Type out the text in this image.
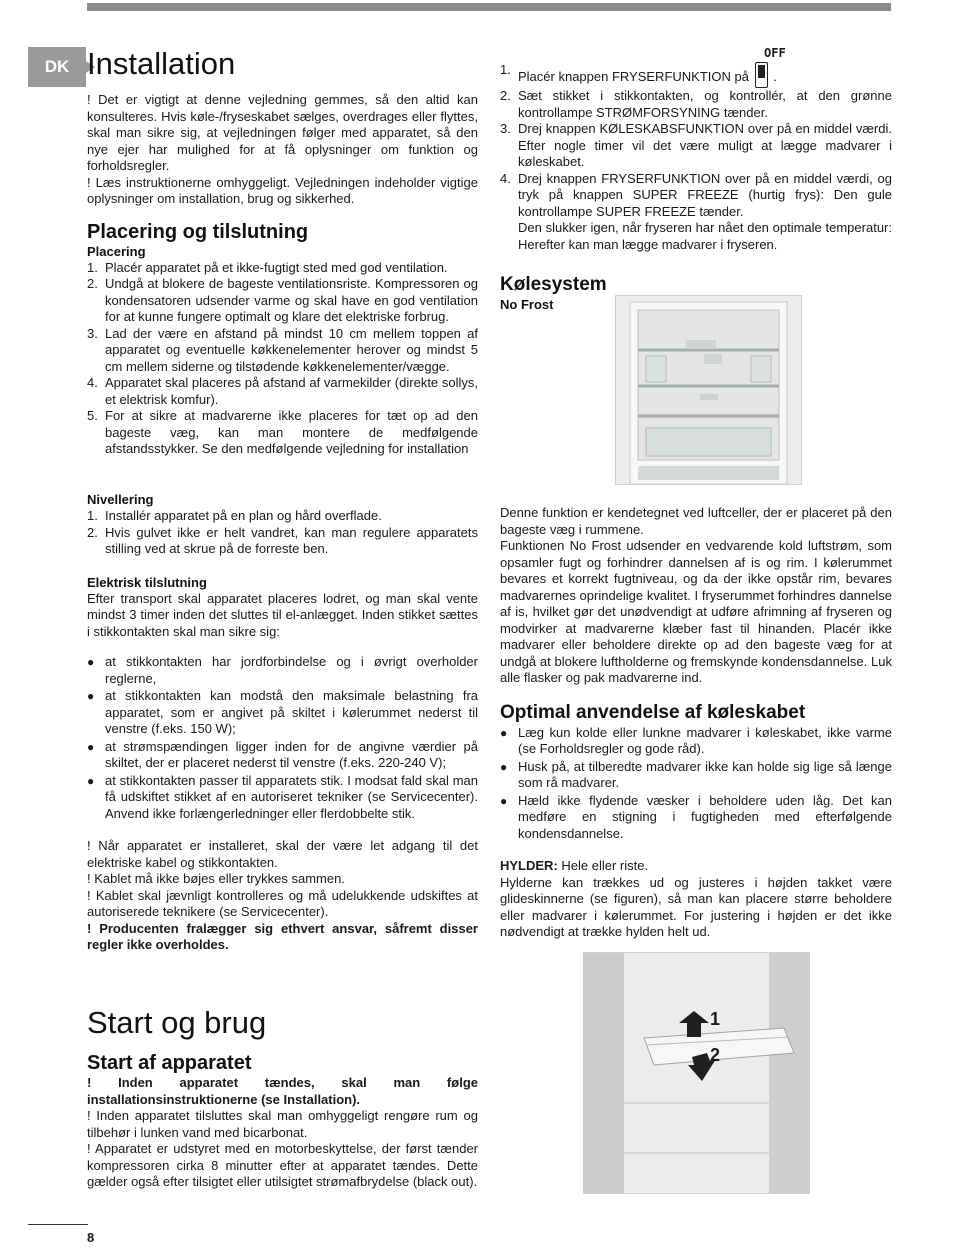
DK Installation

! Det er vigtigt at denne vejledning gemmes, så den altid kan konsulteres. Hvis køle-/fryseskabet sælges, overdrages eller flyttes, skal man sikre sig, at vejledningen følger med apparatet, så den nye ejer har mulighed for at få oplysninger om funktion og forholdsregler.

! Læs instruktionerne omhyggeligt. Vejledningen indeholder vigtige oplysninger om installation, brug og sikkerhed.

Placering og tilslutning
Placering
1. Placér apparatet på et ikke-fugtigt sted med god ventilation.
2. Undgå at blokere de bageste ventilationsriste. Kompressoren og kondensatoren udsender varme og skal have en god ventilation for at kunne fungere optimalt og klare det elektriske forbrug.
3. Lad der være en afstand på mindst 10 cm mellem toppen af apparatet og eventuelle køkkenelementer herover og mindst 5 cm mellem siderne og tilstødende køkkenelementer/vægge.
4. Apparatet skal placeres på afstand af varmekilder (direkte sollys, et elektrisk komfur).
5. For at sikre at madvarerne ikke placeres for tæt op ad den bageste væg, kan man montere de medfølgende afstandsstykker. Se den medfølgende vejledning for installation
OFF
1. Placér knappen FRYSERFUNKTION på .
2. Sæt stikket i stikkontakten, og kontrollér, at den grønne kontrollampe STRØMFORSYNING tænder.
3. Drej knappen KØLESKABSFUNKTION over på en middel værdi. Efter nogle timer vil det være muligt at lægge madvarer i køleskabet.
4. Drej knappen FRYSERFUNKTION over på en middel værdi, og tryk på knappen SUPER FREEZE (hurtig frys): Den gule kontrollampe SUPER FREEZE tænder.

Den slukker igen, når fryseren har nået den optimale temperatur: Herefter kan man lægge madvarer i fryseren.

Kølesystem
No Frost
Nivellering
1. Installér apparatet på en plan og hård overflade.
2. Hvis gulvet ikke er helt vandret, kan man regulere apparatets stilling ved at skrue på de forreste ben.
Elektrisk tilslutning

Efter transport skal apparatet placeres lodret, og man skal vente mindst 3 timer inden det sluttes til el-anlægget. Inden stikket sættes i stikkontakten skal man sikre sig:

● at stikkontakten har jordforbindelse og i øvrigt overholder reglerne,
● at stikkontakten kan modstå den maksimale belastning fra apparatet, som er angivet på skiltet i kølerummet nederst til venstre (f.eks. 150 W);
● at strømspændingen ligger inden for de angivne værdier på skiltet, der er placeret nederst til venstre (f.eks. 220-240 V);
● at stikkontakten passer til apparatets stik. I modsat fald skal man få udskiftet stikket af en autoriseret tekniker (se Servicecenter). Anvend ikke forlængerledninger eller flerdobbelte stik.

! Når apparatet er installeret, skal der være let adgang til det elektriske kabel og stikkontakten.

! Kablet må ikke bøjes eller trykkes sammen.

! Kablet skal jævnligt kontrolleres og må udelukkende udskiftes at autoriserede teknikere (se Servicecenter).

! Producenten fralægger sig ethvert ansvar, såfremt disser regler ikke overholdes.

Start og brug
Start af apparatet

! Inden apparatet tændes, skal man følge installationsinstruktionerne (se Installation).

! Inden apparatet tilsluttes skal man omhyggeligt rengøre rum og tilbehør i lunken vand med bicarbonat.

! Apparatet er udstyret med en motorbeskyttelse, der først tænder kompressoren cirka 8 minutter efter at apparatet tændes. Dette gælder også efter tilsigtet eller utilsigtet strømafbrydelse (black out).

Denne funktion er kendetegnet ved luftceller, der er placeret på den bageste væg i rummene.

Funktionen No Frost udsender en vedvarende kold luftstrøm, som opsamler fugt og forhindrer dannelsen af is og rim. I kølerummet bevares et korrekt fugtniveau, og da der ikke opstår rim, bevares madvarernes oprindelige kvalitet. I fryserummet forhindres dannelse af is, hvilket gør det unødvendigt at udføre afrimning af fryseren og modvirker at madvarerne klæber fast til hinanden. Placér ikke madvarer eller beholdere direkte op ad den bageste væg for at undgå at blokere luftholderne og fremskynde kondensdannelse. Luk alle flasker og pak madvarerne ind.

Optimal anvendelse af køleskabet
● Læg kun kolde eller lunkne madvarer i køleskabet, ikke varme (se Forholdsregler og gode råd).
● Husk på, at tilberedte madvarer ikke kan holde sig lige så længe som rå madvarer.
● Hæld ikke flydende væsker i beholdere uden låg. Det kan medføre en stigning i fugtigheden med efterfølgende kondensdannelse.

HYLDER: Hele eller riste.

Hylderne kan trækkes ud og justeres i højden takket være glideskinnerne (se figuren), så man kan placere større beholdere eller madvarer i kølerummet. For justering i højden er det ikke nødvendigt at trække hylden helt ud.

1
2
8
